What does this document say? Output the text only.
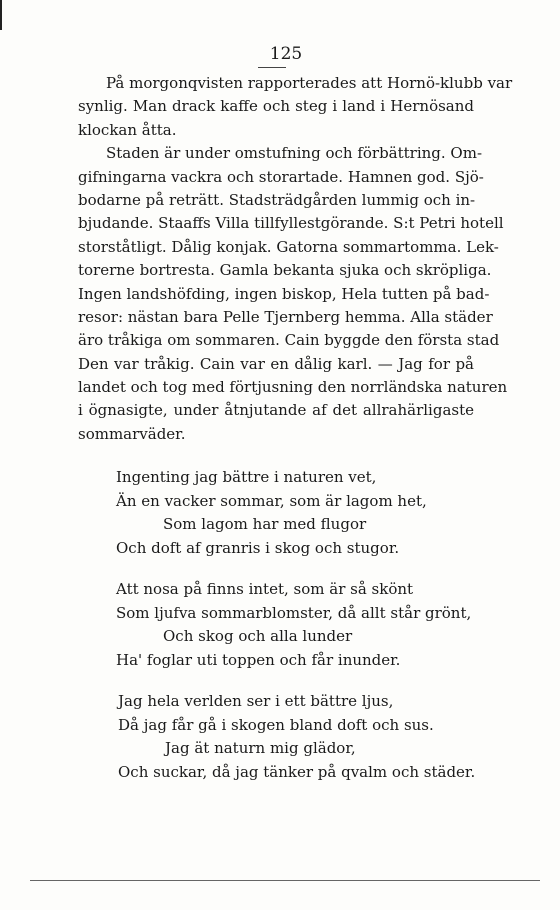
125
På morgonqvisten rapporterades att Hornö-klubb var
synlig. Man drack kaffe och steg i land i Hernösand
klockan åtta.
Staden är under omstufning och förbättring. Om-
gifningarna vackra och storartade. Hamnen god. Sjö-
bodarne på reträtt. Stadsträdgården lummig och in-
bjudande. Staaffs Villa tillfyllestgörande. S:t Petri hotell
storståtligt. Dålig konjak. Gatorna sommartomma. Lek-
torerne bortresta. Gamla bekanta sjuka och skröpliga.
Ingen landshöfding, ingen biskop, Hela tutten på bad-
resor: nästan bara Pelle Tjernberg hemma. Alla städer
äro tråkiga om sommaren. Cain byggde den första stad
Den var tråkig. Cain var en dålig karl. — Jag for på
landet och tog med förtjusning den norrländska naturen
i ögnasigte, under åtnjutande af det allrahärligaste
sommarväder.
Ingenting jag bättre i naturen vet,
Än en vacker sommar, som är lagom het,
Som lagom har med flugor
Och doft af granris i skog och stugor.
Att nosa på finns intet, som är så skönt
Som ljufva sommarblomster, då allt står grönt,
Och skog och alla lunder
Ha' foglar uti toppen och får inunder.
Jag hela verlden ser i ett bättre ljus,
Då jag får gå i skogen bland doft och sus.
Jag ät naturn mig glädor,
Och suckar, då jag tänker på qvalm och städer.
